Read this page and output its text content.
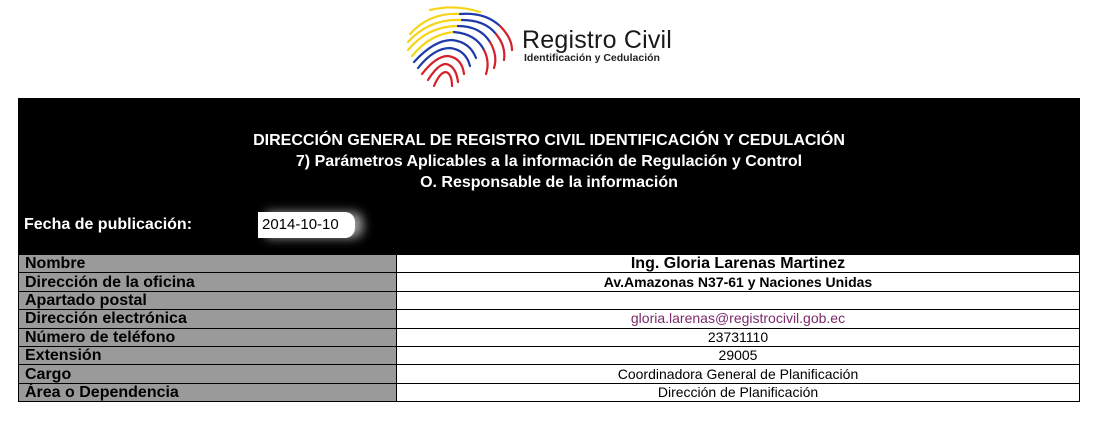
Registro Civil
Identificación y Cedulación
DIRECCIÓN GENERAL DE REGISTRO CIVIL IDENTIFICACIÓN Y CEDULACIÓN
7) Parámetros Aplicables a la información de Regulación y Control
O. Responsable de la información
Fecha de publicación:	2014-10-10
Nombre	Ing. Gloria Larenas Martinez
Dirección de la oficina	Av.Amazonas N37-61 y Naciones Unidas
Apartado postal	
Dirección electrónica	gloria.larenas@registrocivil.gob.ec
Número de teléfono	23731110
Extensión	29005
Cargo	Coordinadora General de Planificación
Área o Dependencia	Dirección de Planificación
